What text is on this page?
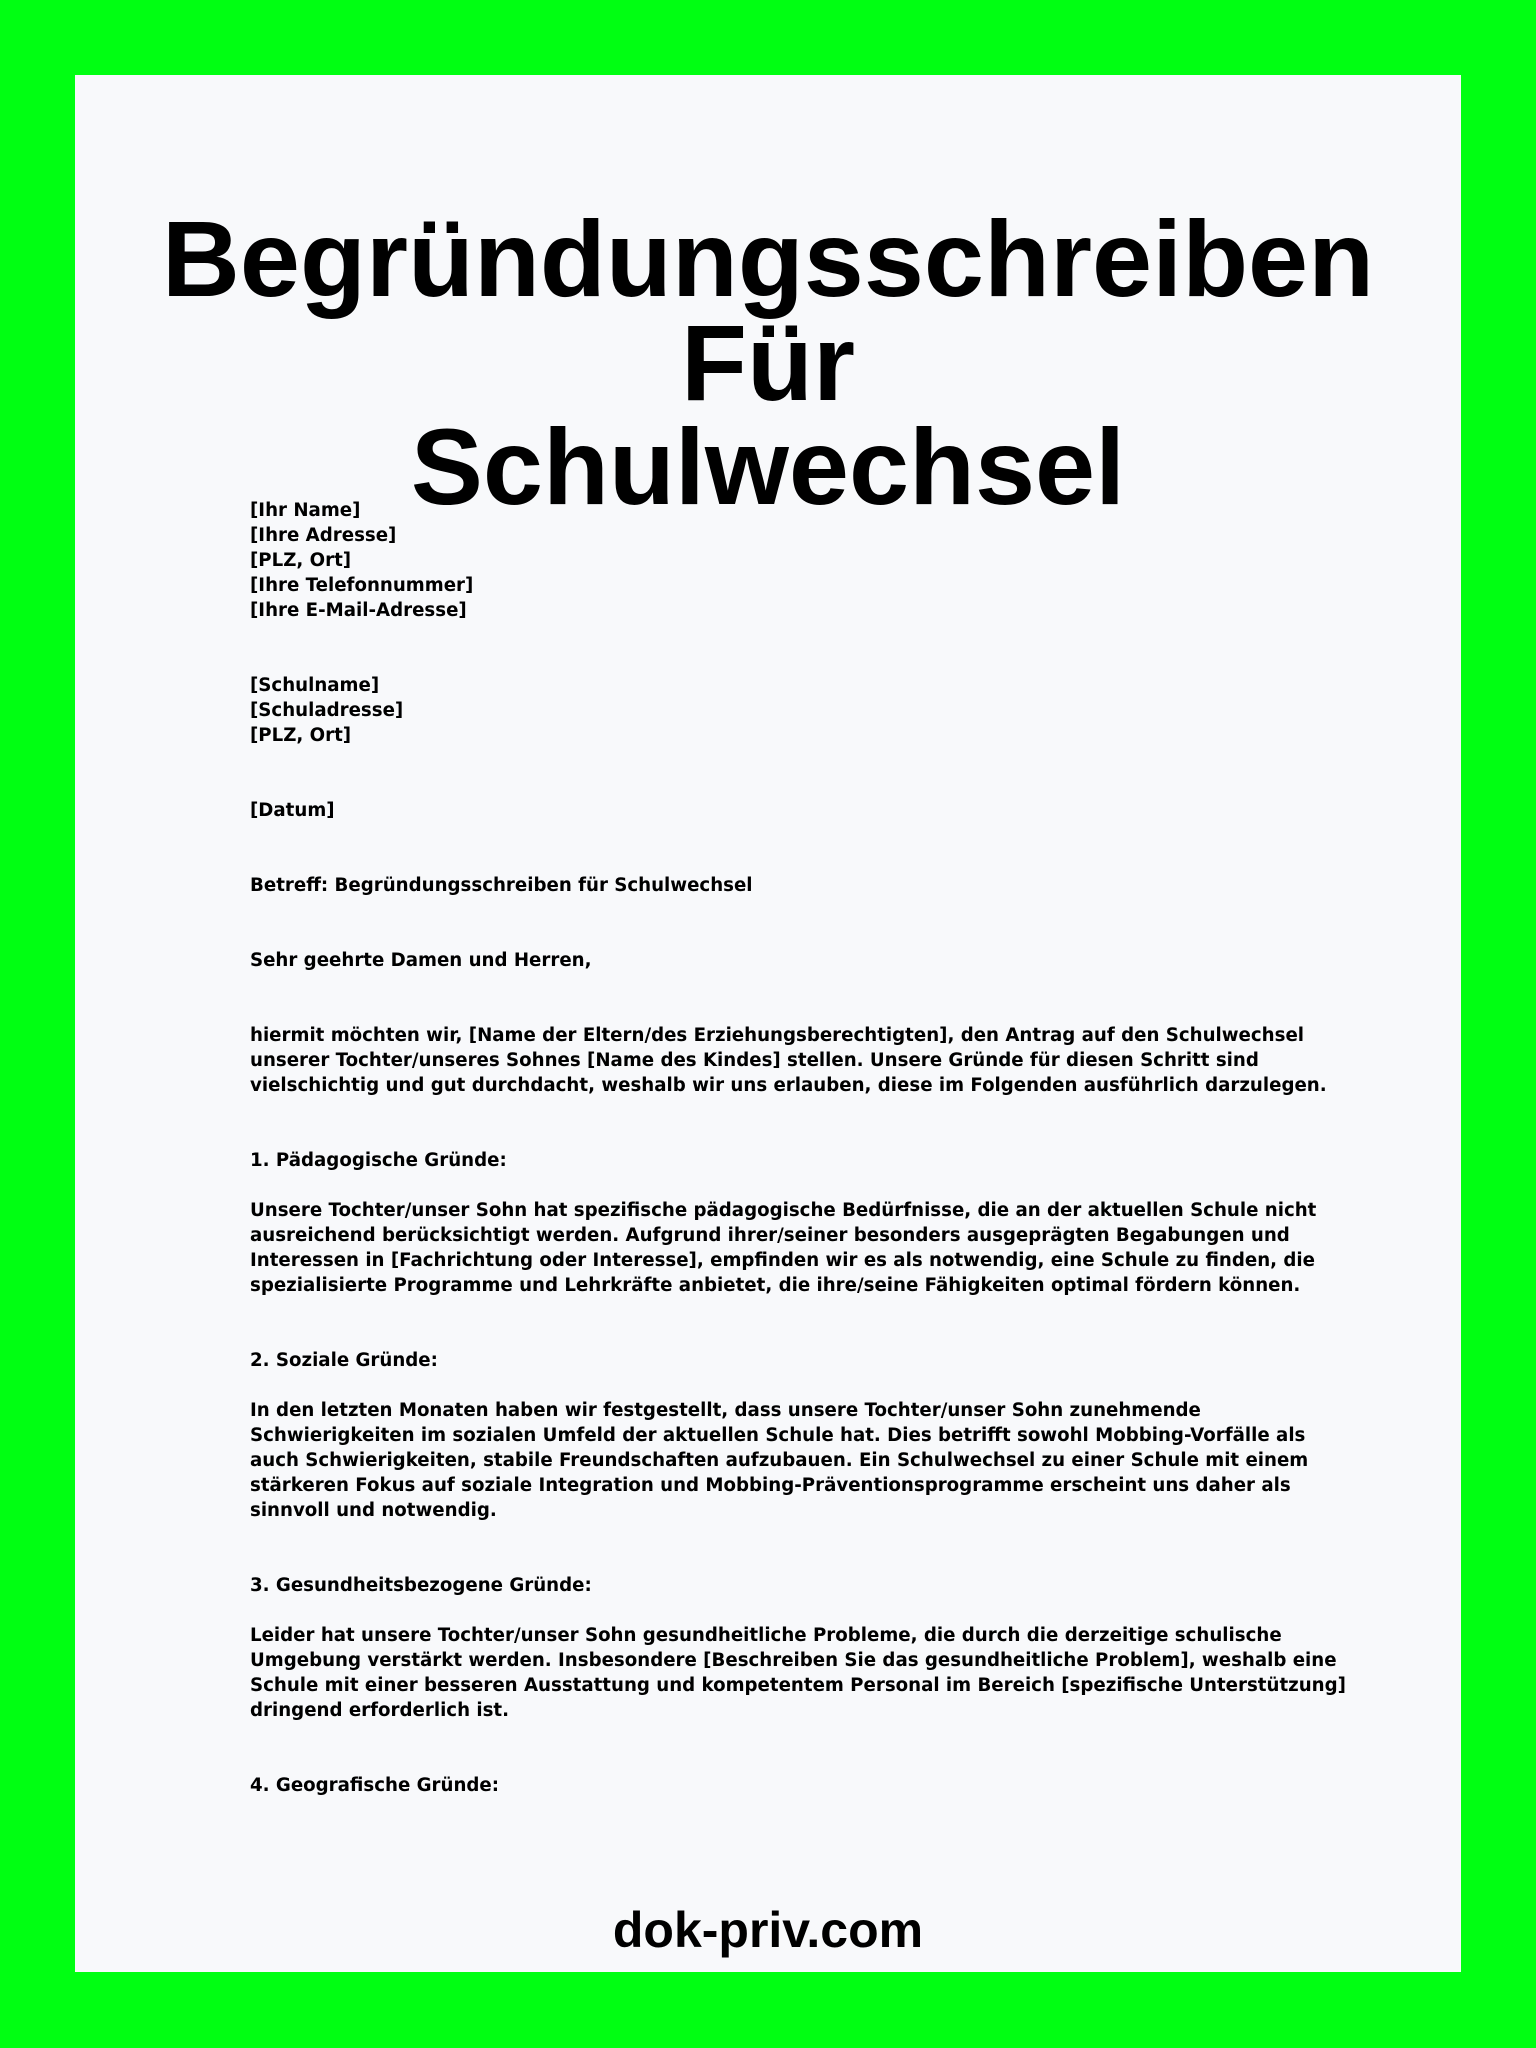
Begründungsschreiben Für
Schulwechsel
[Ihr Name]
[Ihre Adresse]
[PLZ, Ort]
[Ihre Telefonnummer]
[Ihre E-Mail-Adresse]
[Schulname]
[Schuladresse]
[PLZ, Ort]
[Datum]
Betreff: Begründungsschreiben für Schulwechsel
Sehr geehrte Damen und Herren,
hiermit möchten wir, [Name der Eltern/des Erziehungsberechtigten], den Antrag auf den Schulwechsel
unserer Tochter/unseres Sohnes [Name des Kindes] stellen. Unsere Gründe für diesen Schritt sind
vielschichtig und gut durchdacht, weshalb wir uns erlauben, diese im Folgenden ausführlich darzulegen.
1. Pädagogische Gründe:
Unsere Tochter/unser Sohn hat spezifische pädagogische Bedürfnisse, die an der aktuellen Schule nicht
ausreichend berücksichtigt werden. Aufgrund ihrer/seiner besonders ausgeprägten Begabungen und
Interessen in [Fachrichtung oder Interesse], empfinden wir es als notwendig, eine Schule zu finden, die
spezialisierte Programme und Lehrkräfte anbietet, die ihre/seine Fähigkeiten optimal fördern können.
2. Soziale Gründe:
In den letzten Monaten haben wir festgestellt, dass unsere Tochter/unser Sohn zunehmende
Schwierigkeiten im sozialen Umfeld der aktuellen Schule hat. Dies betrifft sowohl Mobbing-Vorfälle als
auch Schwierigkeiten, stabile Freundschaften aufzubauen. Ein Schulwechsel zu einer Schule mit einem
stärkeren Fokus auf soziale Integration und Mobbing-Präventionsprogramme erscheint uns daher als
sinnvoll und notwendig.
3. Gesundheitsbezogene Gründe:
Leider hat unsere Tochter/unser Sohn gesundheitliche Probleme, die durch die derzeitige schulische
Umgebung verstärkt werden. Insbesondere [Beschreiben Sie das gesundheitliche Problem], weshalb eine
Schule mit einer besseren Ausstattung und kompetentem Personal im Bereich [spezifische Unterstützung]
dringend erforderlich ist.
4. Geografische Gründe:
dok-priv.com
